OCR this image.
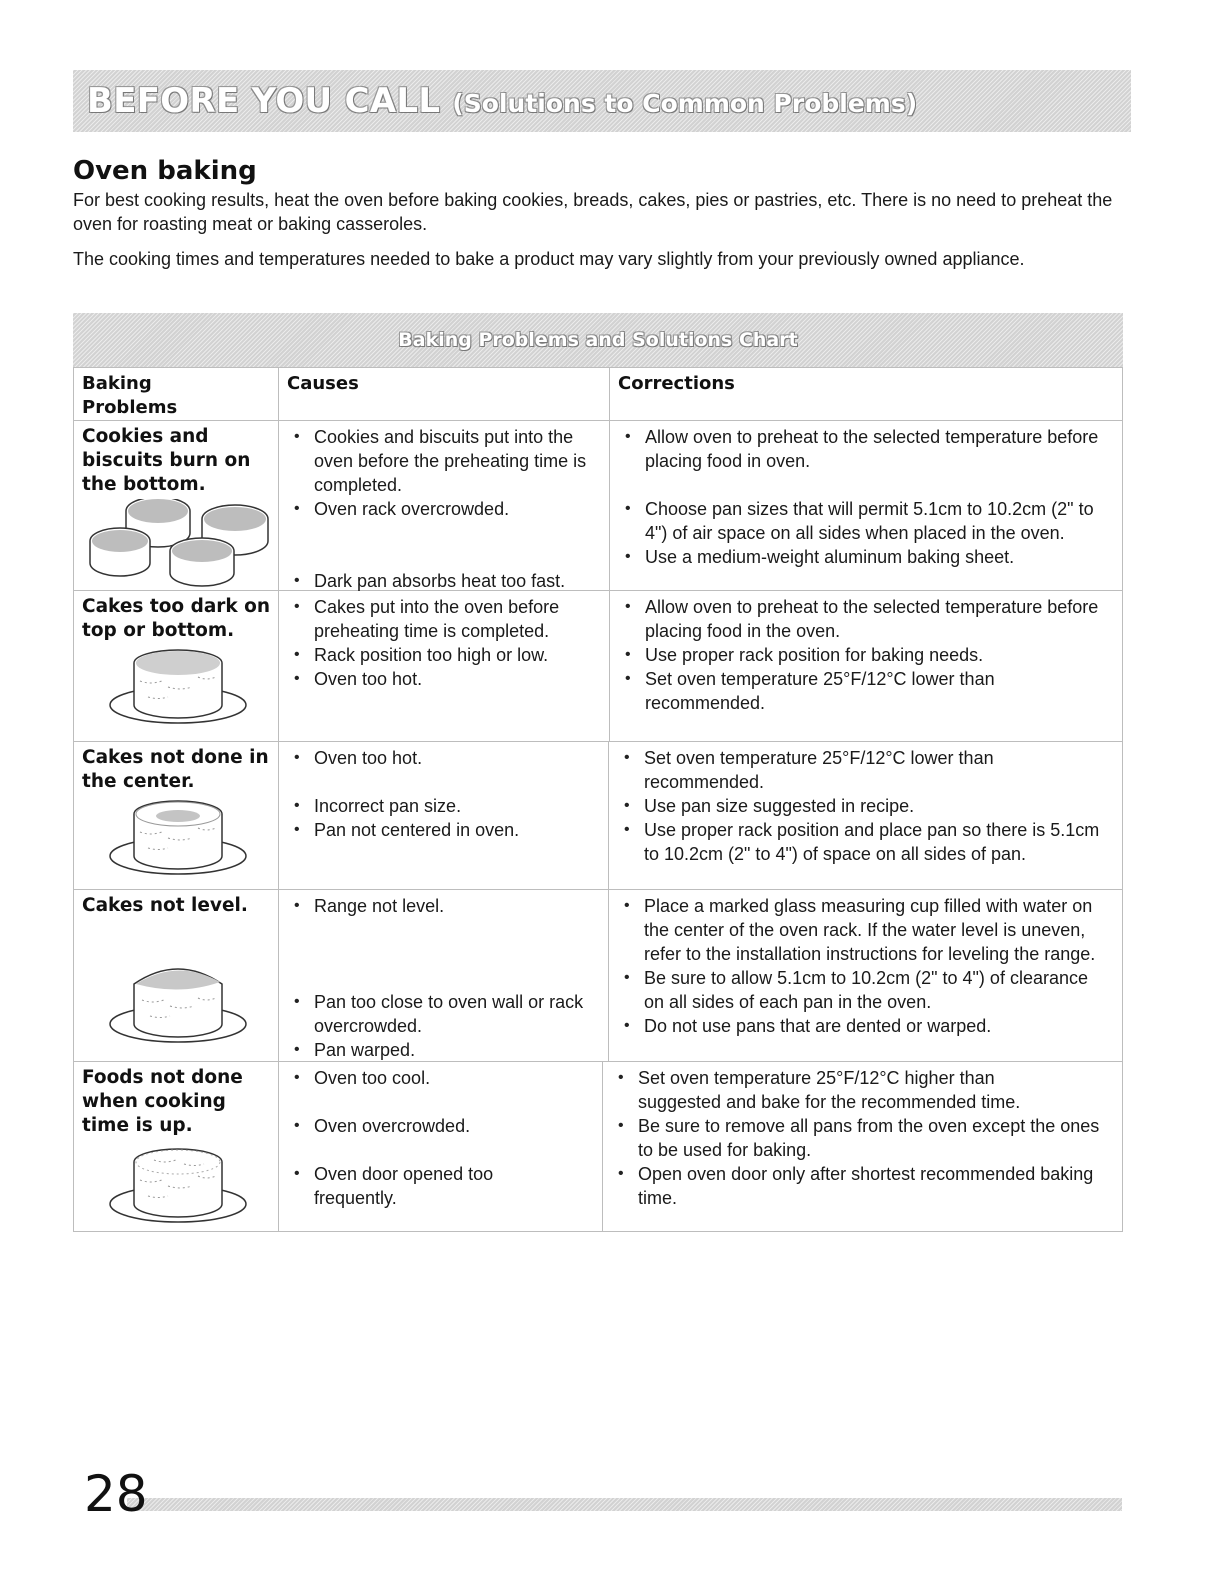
BEFORE YOU CALL (Solutions to Common Problems)
Oven baking

For best cooking results, heat the oven before baking cookies, breads, cakes, pies or pastries, etc. There is no need to preheat the oven for roasting meat or baking casseroles.

The cooking times and temperatures needed to bake a product may vary slightly from your previously owned appliance.

Baking Problems and Solutions Chart
Baking Problems
Causes	Corrections
Cookies and biscuits burn on the bottom.
• Cookies and biscuits put into the oven before the preheating time is completed.
• Oven rack overcrowded.
• Dark pan absorbs heat too fast.
• Allow oven to preheat to the selected temperature before placing food in oven.
• Choose pan sizes that will permit 5.1cm to 10.2cm (2" to 4") of air space on all sides when placed in the oven.
• Use a medium-weight aluminum baking sheet.
Cakes too dark on top or bottom.
• Cakes put into the oven before preheating time is completed.
• Rack position too high or low.
• Oven too hot.
• Allow oven to preheat to the selected temperature before placing food in the oven.
• Use proper rack position for baking needs.
• Set oven temperature 25°F/12°C lower than recommended.
Cakes not done in the center.
• Oven too hot.
• Incorrect pan size.
• Pan not centered in oven.
• Set oven temperature 25°F/12°C lower than recommended.
• Use pan size suggested in recipe.
• Use proper rack position and place pan so there is 5.1cm to 10.2cm (2" to 4") of space on all sides of pan.
Cakes not level.
•	Range not level.
• Pan too close to oven wall or rack overcrowded.
• Pan warped.
• Place a marked glass measuring cup filled with water on the center of the oven rack. If the water level is uneven, refer to the installation instructions for leveling the range.
• Be sure to allow 5.1cm to 10.2cm (2" to 4") of clearance on all sides of each pan in the oven.
• Do not use pans that are dented or warped.
Foods not done when cooking time is up.
• Oven too cool.
• Oven overcrowded.
• Oven door opened too frequently.
• Set oven temperature 25°F/12°C higher than suggested and bake for the recommended time.
• Be sure to remove all pans from the oven except the ones to be used for baking.
• Open oven door only after shortest recommended baking time.

28
